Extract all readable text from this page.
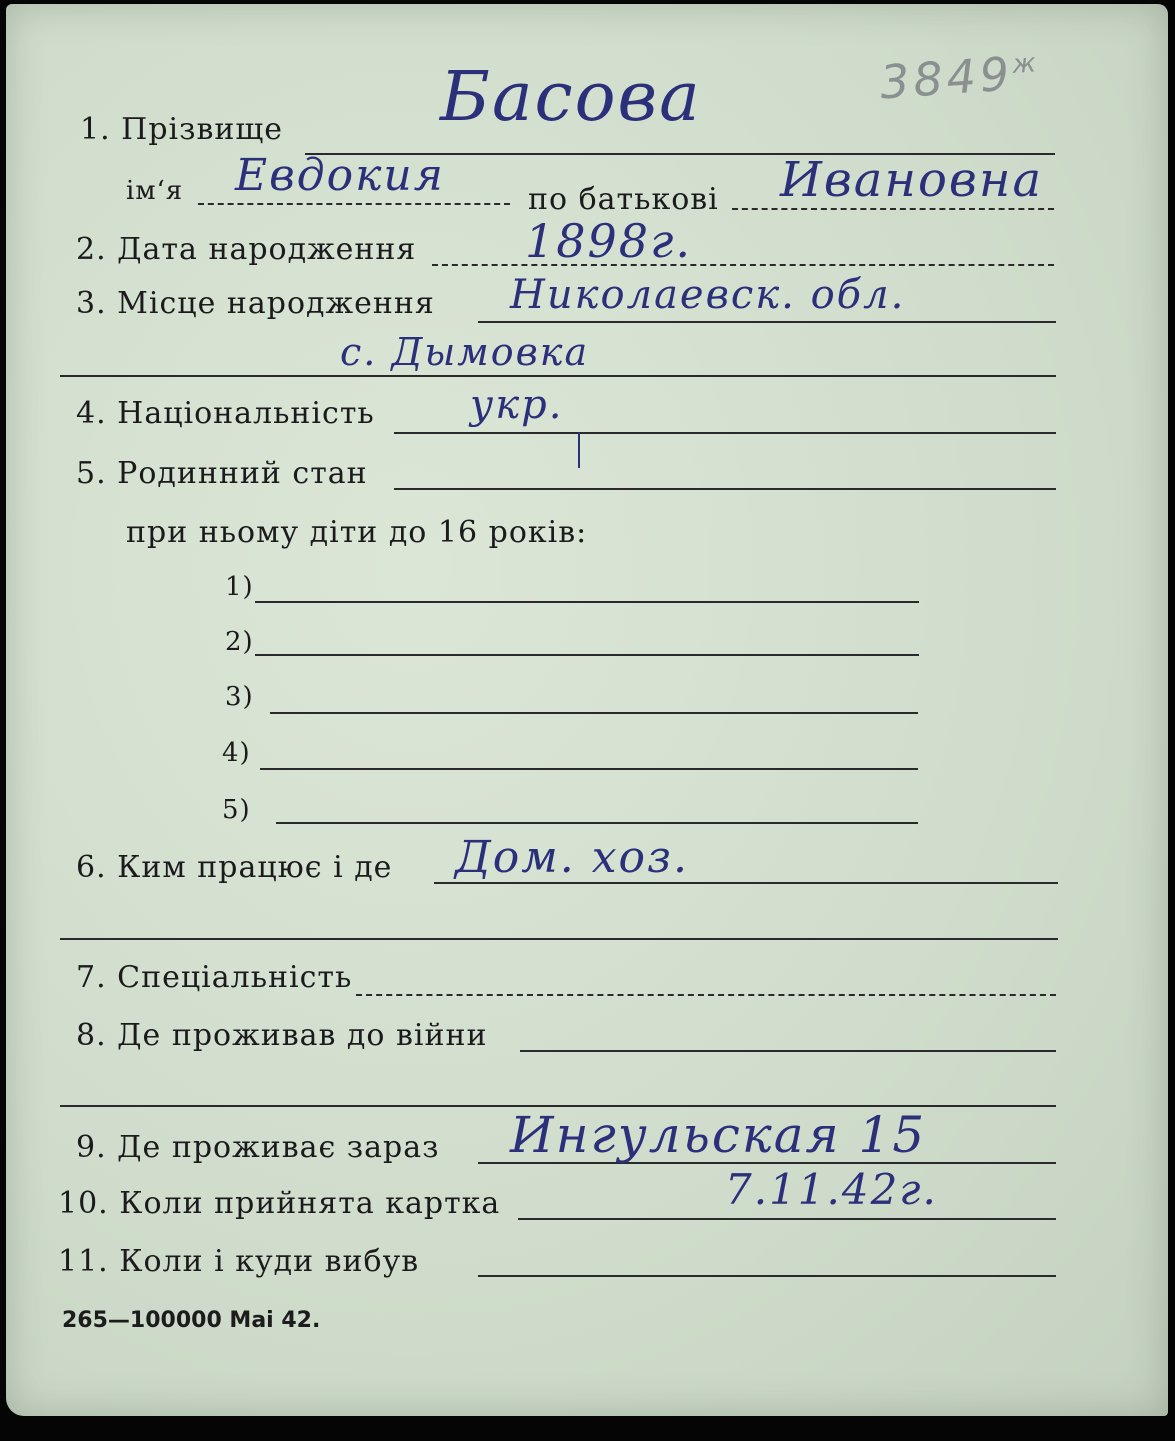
$3849^ж$
1. Прізвище Басова
ім‘я Евдокия	по батькові Ивановна
2. Дата народження 1898г.
3. Місце народження Николаевск. обл.
с. Дымовка
4. Національність укр.
5. Родинний стан
при ньому діти до 16 років:
1)
2)
3)
4)
5)
6. Ким працює і де Дом. хоз.
7. Спеціальність
8. Де проживав до війни
9. Де проживає зараз Ингульская 15
10. Коли прийнята картка	7.11.42г.
11. Коли і куди вибув
265—100000 Mai 42.
